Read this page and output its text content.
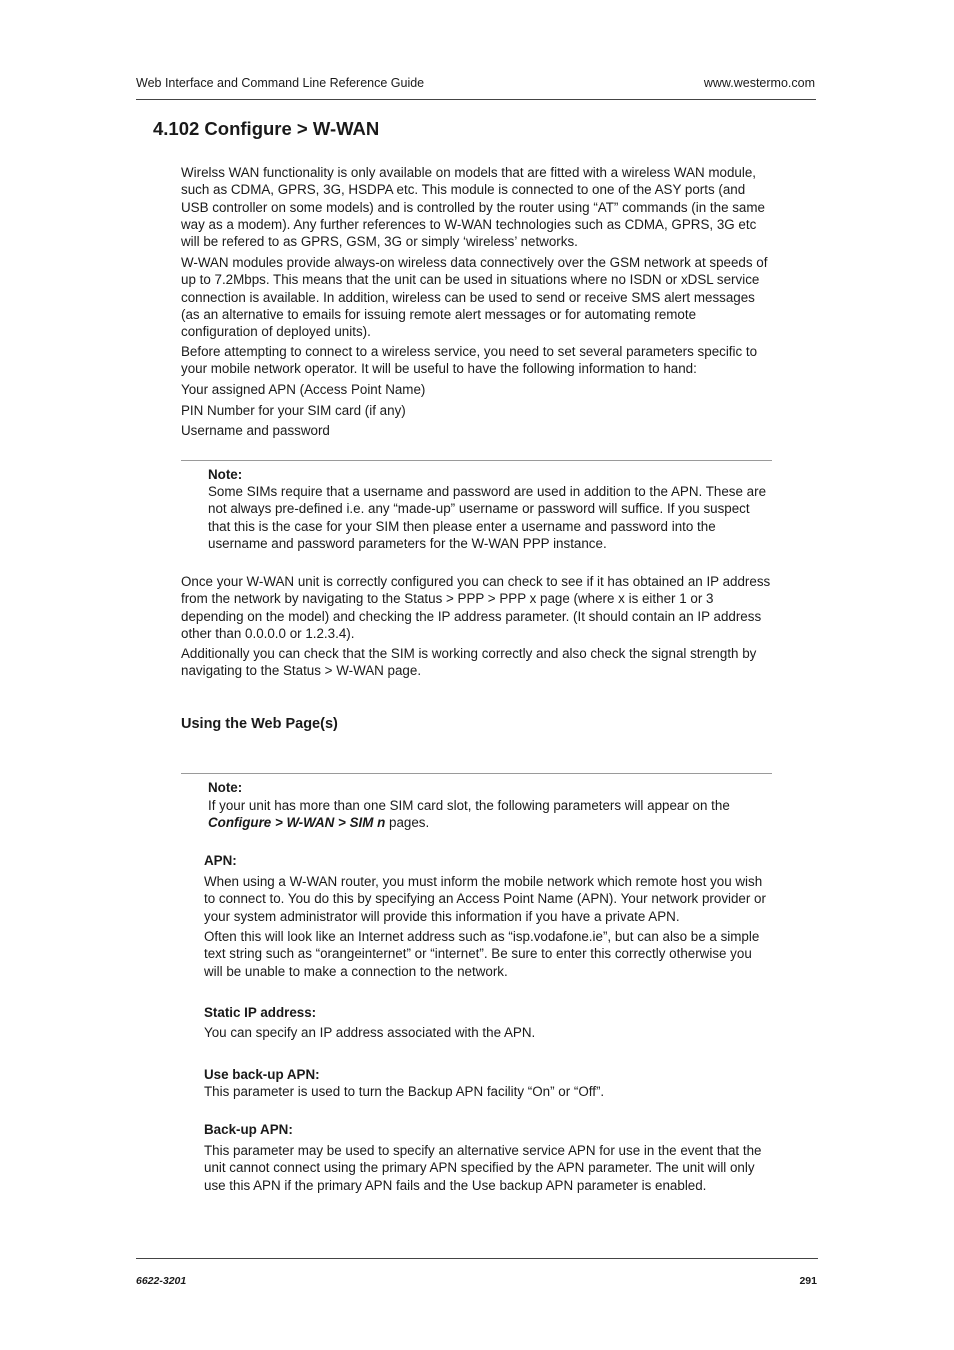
Web Interface and Command Line Reference Guide	www.westermo.com
4.102 Configure > W-WAN

Wirelss WAN functionality is only available on models that are fitted with a wireless WAN module, such as CDMA, GPRS, 3G, HSDPA etc. This module is connected to one of the ASY ports (and USB controller on some models) and is controlled by the router using “AT” commands (in the same way as a modem). Any further references to W-WAN technologies such as CDMA, GPRS, 3G etc will be refered to as GPRS, GSM, 3G or simply ‘wireless’ networks.

W-WAN modules provide always-on wireless data connectively over the GSM network at speeds of up to 7.2Mbps. This means that the unit can be used in situations where no ISDN or xDSL service connection is available. In addition, wireless can be used to send or receive SMS alert messages (as an alternative to emails for issuing remote alert messages or for automating remote configuration of deployed units).

Before attempting to connect to a wireless service, you need to set several parameters specific to your mobile network operator. It will be useful to have the following information to hand:

Your assigned APN (Access Point Name)

PIN Number for your SIM card (if any)

Username and password

Note:

Some SIMs require that a username and password are used in addition to the APN. These are not always pre-defined i.e. any “made-up” username or password will suffice. If you suspect that this is the case for your SIM then please enter a username and password into the username and password parameters for the W-WAN PPP instance.

Once your W-WAN unit is correctly configured you can check to see if it has obtained an IP address from the network by navigating to the Status > PPP > PPP x page (where x is either 1 or 3 depending on the model) and checking the IP address parameter. (It should contain an IP address other than 0.0.0.0 or 1.2.3.4).

Additionally you can check that the SIM is working correctly and also check the signal strength by navigating to the Status > W-WAN page.

Using the Web Page(s)

Note:

If your unit has more than one SIM card slot, the following parameters will appear on the
Configure > W-WAN > SIM n pages.

APN:

When using a W-WAN router, you must inform the mobile network which remote host you wish to connect to. You do this by specifying an Access Point Name (APN). Your network provider or your system administrator will provide this information if you have a private APN.

Often this will look like an Internet address such as “isp.vodafone.ie”, but can also be a simple text string such as “orangeinternet” or “internet”. Be sure to enter this correctly otherwise you will be unable to make a connection to the network.

Static IP address:

You can specify an IP address associated with the APN.

Use back-up APN:

This parameter is used to turn the Backup APN facility “On” or “Off”.

Back-up APN:

This parameter may be used to specify an alternative service APN for use in the event that the unit cannot connect using the primary APN specified by the APN parameter. The unit will only use this APN if the primary APN fails and the Use backup APN parameter is enabled.

6622-3201	291
